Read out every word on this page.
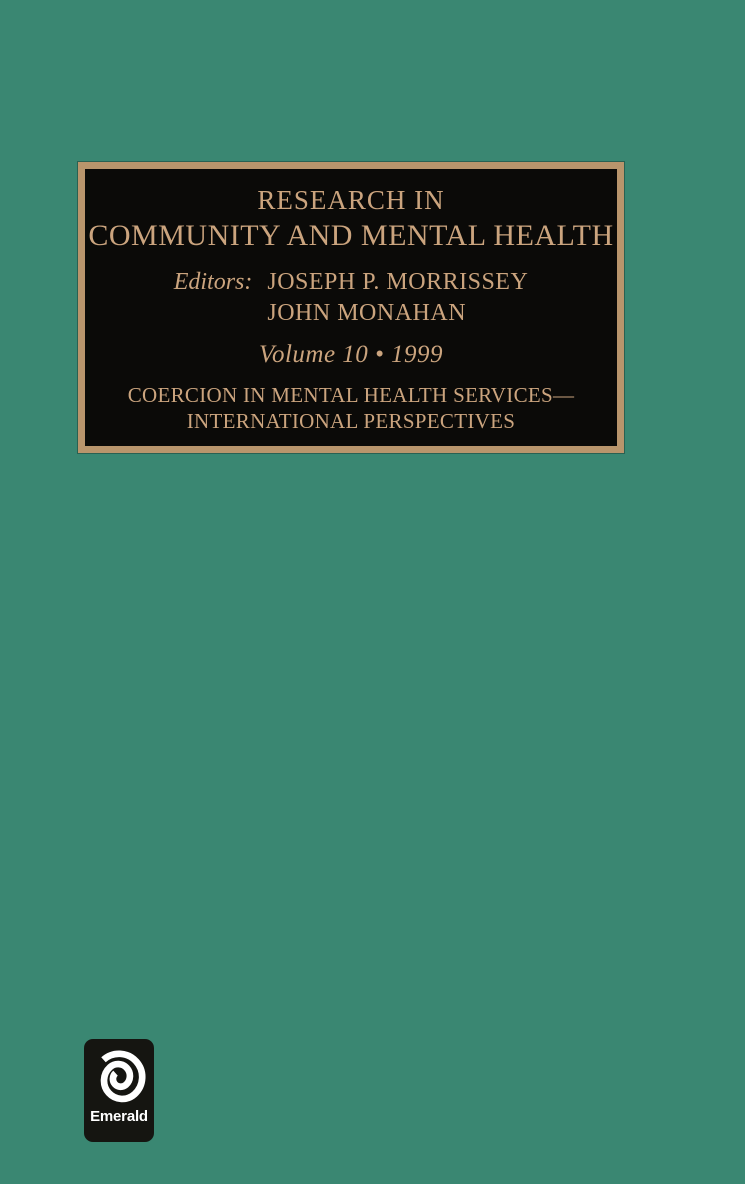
RESEARCH IN
COMMUNITY AND MENTAL HEALTH
Editors: JOSEPH P. MORRISSEY
JOHN MONAHAN
Volume 10 • 1999
COERCION IN MENTAL HEALTH SERVICES—
INTERNATIONAL PERSPECTIVES
Emerald
